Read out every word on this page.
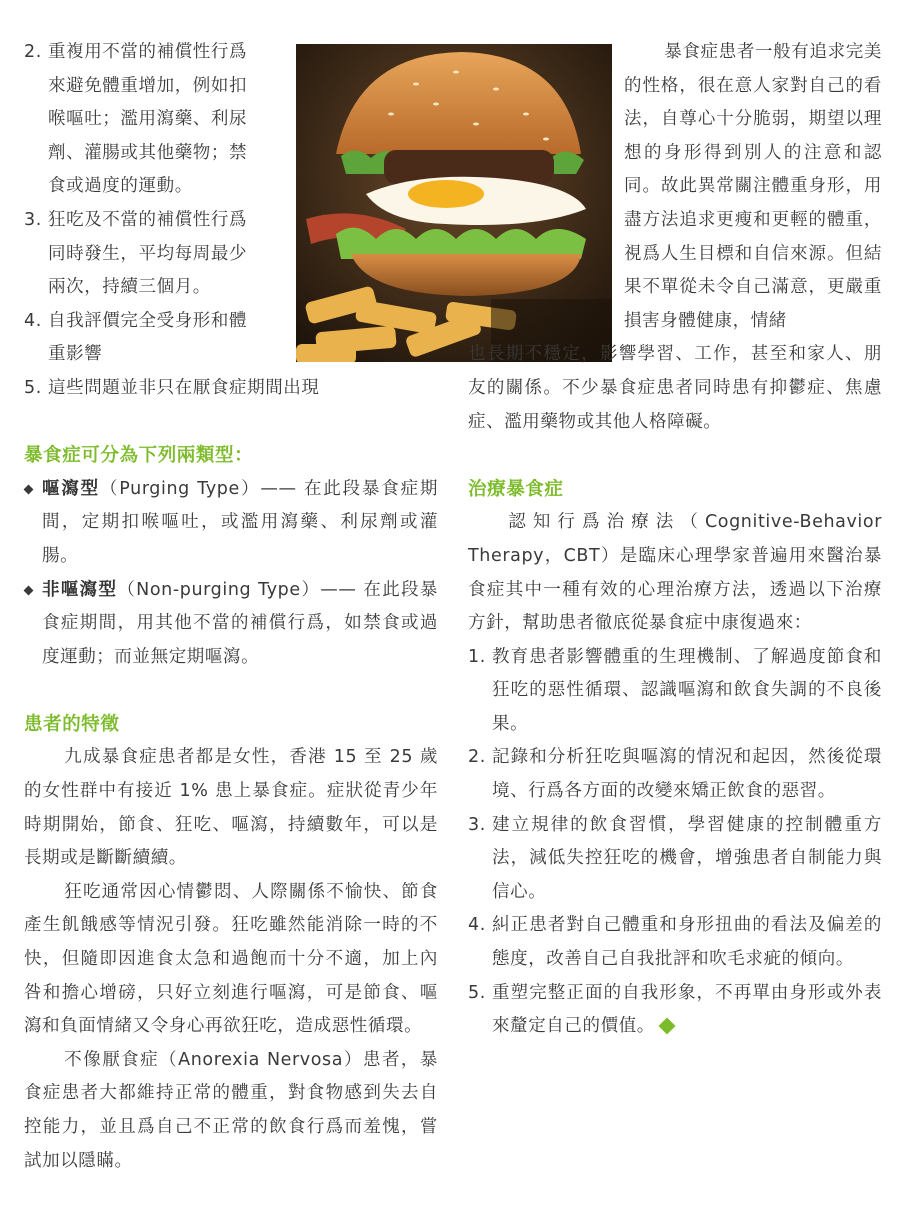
2. 重複用不當的補償性行爲
來避免體重增加，例如扣
喉嘔吐；濫用瀉藥、利尿
劑、灌腸或其他藥物；禁
食或過度的運動。

3. 狂吃及不當的補償性行爲
同時發生，平均每周最少
兩次，持續三個月。

4. 自我評價完全受身形和體
重影響

5. 這些問題並非只在厭食症期間出現

暴食症可分為下列兩類型：

嘔瀉型（Purging Type）—— 在此段暴食症期間，定期扣喉嘔吐，或濫用瀉藥、利尿劑或灌腸。

非嘔瀉型（Non-purging Type）—— 在此段暴食症期間，用其他不當的補償行爲，如禁食或過度運動；而並無定期嘔瀉。

患者的特徵

九成暴食症患者都是女性，香港 15 至 25 歲的女性群中有接近 1% 患上暴食症。症狀從青少年時期開始，節食、狂吃、嘔瀉，持續數年，可以是長期或是斷斷續續。

狂吃通常因心情鬱悶、人際關係不愉快、節食產生飢餓感等情況引發。狂吃雖然能消除一時的不快，但隨即因進食太急和過飽而十分不適，加上內咎和擔心增磅，只好立刻進行嘔瀉，可是節食、嘔瀉和負面情緒又令身心再欲狂吃，造成惡性循環。

不像厭食症（Anorexia Nervosa）患者，暴食症患者大都維持正常的體重，對食物感到失去自控能力，並且爲自己不正常的飲食行爲而羞愧，嘗試加以隱瞞。

暴食症患者一般有追求完美的性格，很在意人家對自己的看法，自尊心十分脆弱，期望以理想的身形得到別人的注意和認同。故此異常關注體重身形，用盡方法追求更瘦和更輕的體重，視爲人生目標和自信來源。但結果不單從未令自己滿意，更嚴重損害身體健康，情緒

也長期不穩定，影響學習、工作，甚至和家人、朋友的關係。不少暴食症患者同時患有抑鬱症、焦慮症、濫用藥物或其他人格障礙。

治療暴食症

認知行爲治療法（Cognitive-Behavior Therapy，CBT）是臨床心理學家普遍用來醫治暴食症其中一種有效的心理治療方法，透過以下治療方針，幫助患者徹底從暴食症中康復過來：

1. 教育患者影響體重的生理機制、了解過度節食和狂吃的惡性循環、認識嘔瀉和飲食失調的不良後果。

2. 記錄和分析狂吃與嘔瀉的情況和起因，然後從環境、行爲各方面的改變來矯正飲食的惡習。

3. 建立規律的飲食習慣，學習健康的控制體重方法，減低失控狂吃的機會，增強患者自制能力與信心。

4. 糾正患者對自己體重和身形扭曲的看法及偏差的態度，改善自己自我批評和吹毛求疵的傾向。

5. 重塑完整正面的自我形象，不再單由身形或外表來釐定自己的價值。
